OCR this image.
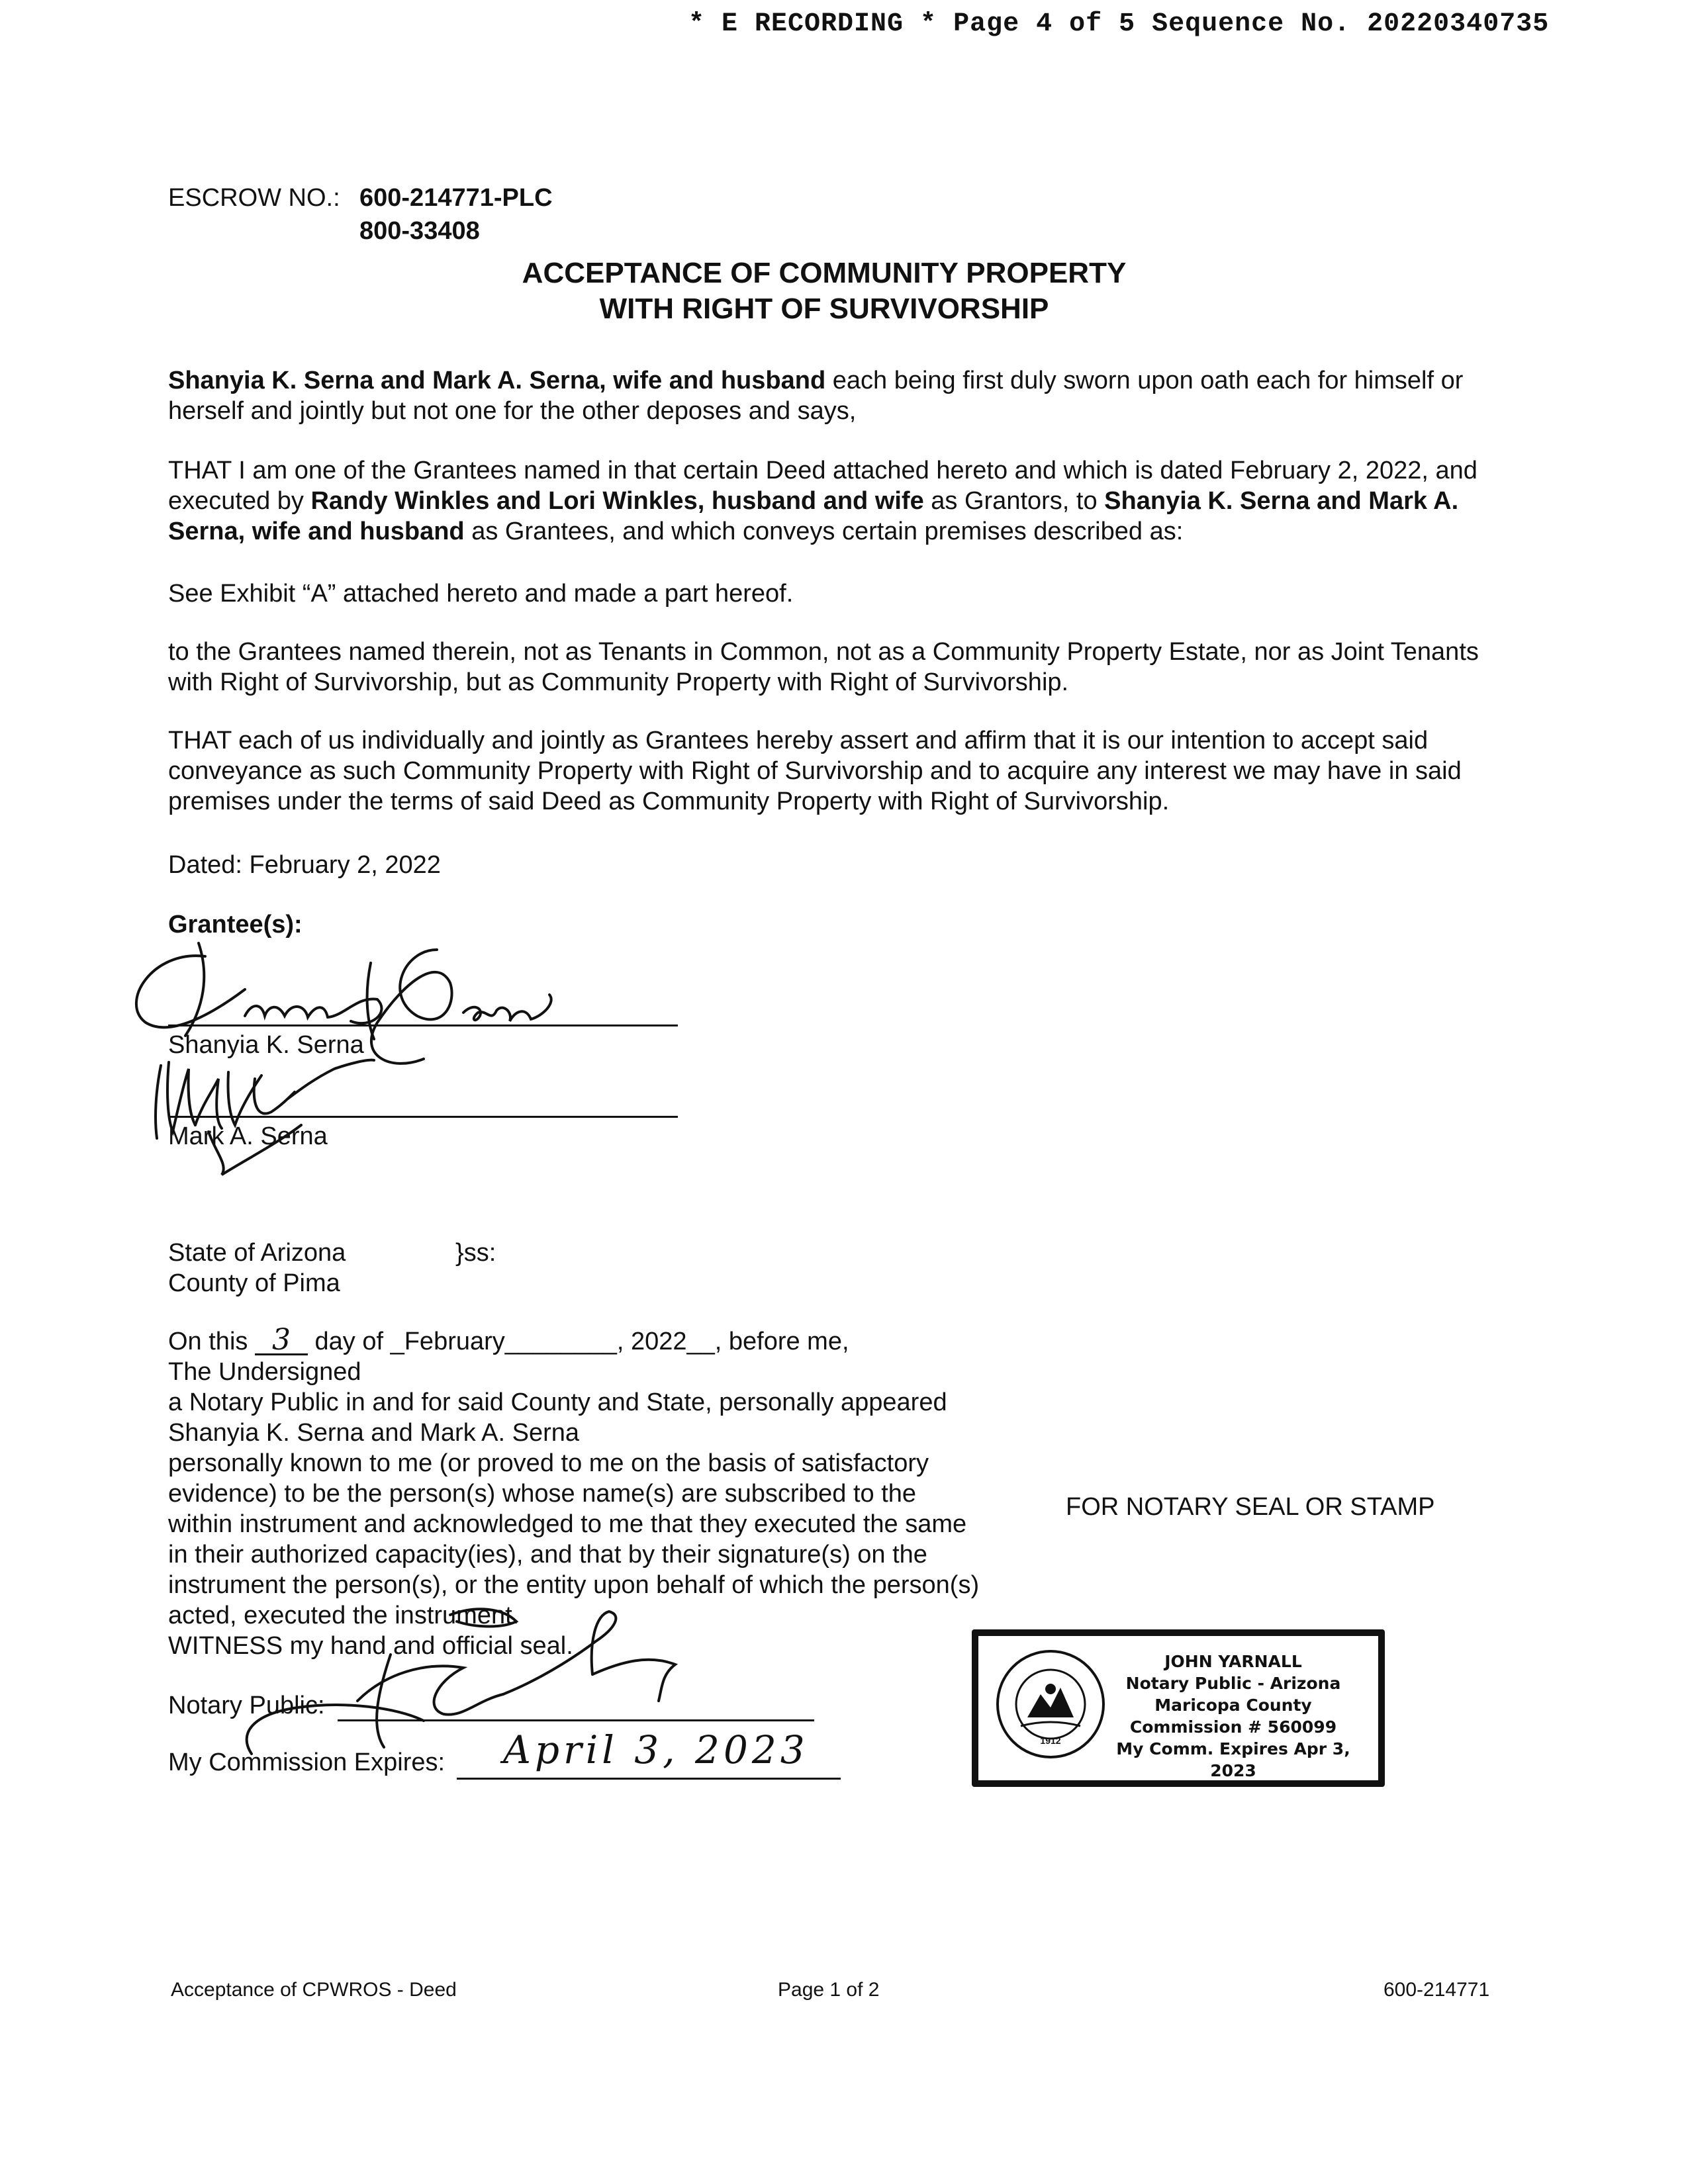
* E RECORDING * Page 4 of 5 Sequence No. 20220340735
ESCROW NO.: 600-214771-PLC
800-33408
ACCEPTANCE OF COMMUNITY PROPERTY
WITH RIGHT OF SURVIVORSHIP
Shanyia K. Serna and Mark A. Serna, wife and husband each being first duly sworn upon oath each for himself or herself and jointly but not one for the other deposes and says,
THAT I am one of the Grantees named in that certain Deed attached hereto and which is dated February 2, 2022, and executed by Randy Winkles and Lori Winkles, husband and wife as Grantors, to Shanyia K. Serna and Mark A. Serna, wife and husband as Grantees, and which conveys certain premises described as:
See Exhibit “A” attached hereto and made a part hereof.
to the Grantees named therein, not as Tenants in Common, not as a Community Property Estate, nor as Joint Tenants with Right of Survivorship, but as Community Property with Right of Survivorship.
THAT each of us individually and jointly as Grantees hereby assert and affirm that it is our intention to accept said conveyance as such Community Property with Right of Survivorship and to acquire any interest we may have in said premises under the terms of said Deed as Community Property with Right of Survivorship.
Dated: February 2, 2022
Grantee(s):
Shanyia K. Serna
Mark A. Serna
State of Arizona	}ss:
County of Pima
On this 3 day of _February________, 2022__, before me,
The Undersigned
a Notary Public in and for said County and State, personally appeared
Shanyia K. Serna and Mark A. Serna
personally known to me (or proved to me on the basis of satisfactory
evidence) to be the person(s) whose name(s) are subscribed to the
within instrument and acknowledged to me that they executed the same
in their authorized capacity(ies), and that by their signature(s) on the
instrument the person(s), or the entity upon behalf of which the person(s)
acted, executed the instrument.
WITNESS my hand and official seal.
Notary Public:
My Commission Expires: April 3, 2023
FOR NOTARY SEAL OR STAMP
1912
JOHN YARNALL
Notary Public - Arizona
Maricopa County
Commission # 560099
My Comm. Expires Apr 3, 2023
Acceptance of CPWROS - Deed	Page 1 of 2	600-214771
